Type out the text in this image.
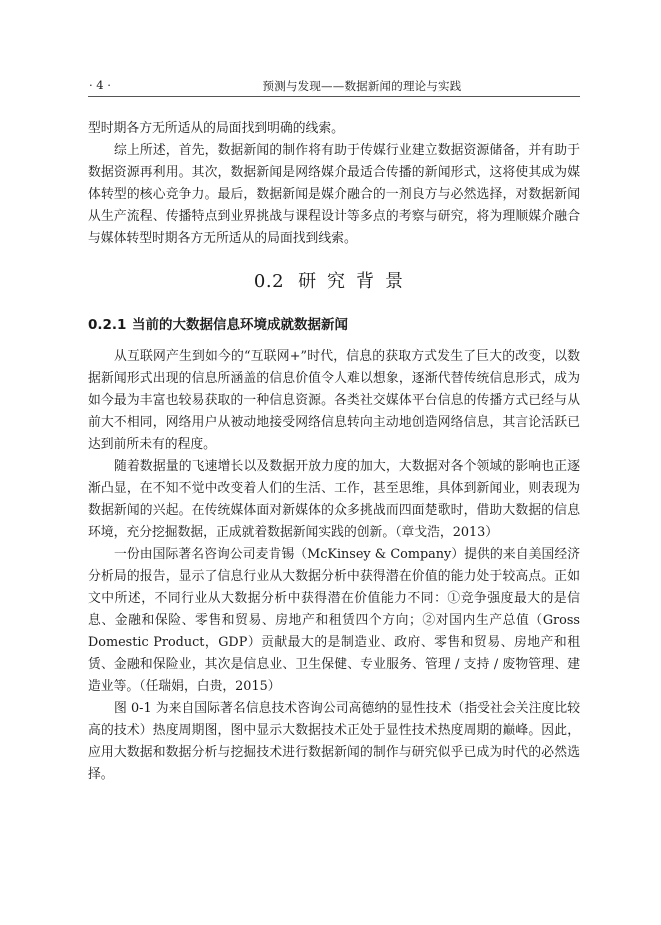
· 4 ·	预测与发现——数据新闻的理论与实践

型时期各方无所适从的局面找到明确的线索。

综上所述，首先，数据新闻的制作将有助于传媒行业建立数据资源储备，并有助于数据资源再利用。其次，数据新闻是网络媒介最适合传播的新闻形式，这将使其成为媒体转型的核心竞争力。最后，数据新闻是媒介融合的一剂良方与必然选择，对数据新闻从生产流程、传播特点到业界挑战与课程设计等多点的考察与研究，将为理顺媒介融合与媒体转型时期各方无所适从的局面找到线索。

0.2 研究背景
0.2.1 当前的大数据信息环境成就数据新闻

从互联网产生到如今的“互联网+”时代，信息的获取方式发生了巨大的改变，以数据新闻形式出现的信息所涵盖的信息价值令人难以想象，逐渐代替传统信息形式，成为如今最为丰富也较易获取的一种信息资源。各类社交媒体平台信息的传播方式已经与从前大不相同，网络用户从被动地接受网络信息转向主动地创造网络信息，其言论活跃已达到前所未有的程度。

随着数据量的飞速增长以及数据开放力度的加大，大数据对各个领域的影响也正逐渐凸显，在不知不觉中改变着人们的生活、工作，甚至思维，具体到新闻业，则表现为数据新闻的兴起。在传统媒体面对新媒体的众多挑战而四面楚歌时，借助大数据的信息环境，充分挖掘数据，正成就着数据新闻实践的创新。（章戈浩，2013）

一份由国际著名咨询公司麦肯锡（McKinsey & Company）提供的来自美国经济分析局的报告，显示了信息行业从大数据分析中获得潜在价值的能力处于较高点。正如文中所述，不同行业从大数据分析中获得潜在价值能力不同：①竞争强度最大的是信息、金融和保险、零售和贸易、房地产和租赁四个方向；②对国内生产总值（Gross Domestic Product，GDP）贡献最大的是制造业、政府、零售和贸易、房地产和租赁、金融和保险业，其次是信息业、卫生保健、专业服务、管理 / 支持 / 废物管理、建造业等。（任瑞娟，白贵，2015）

图 0-1 为来自国际著名信息技术咨询公司高德纳的显性技术（指受社会关注度比较高的技术）热度周期图，图中显示大数据技术正处于显性技术热度周期的巅峰。因此，应用大数据和数据分析与挖掘技术进行数据新闻的制作与研究似乎已成为时代的必然选择。
